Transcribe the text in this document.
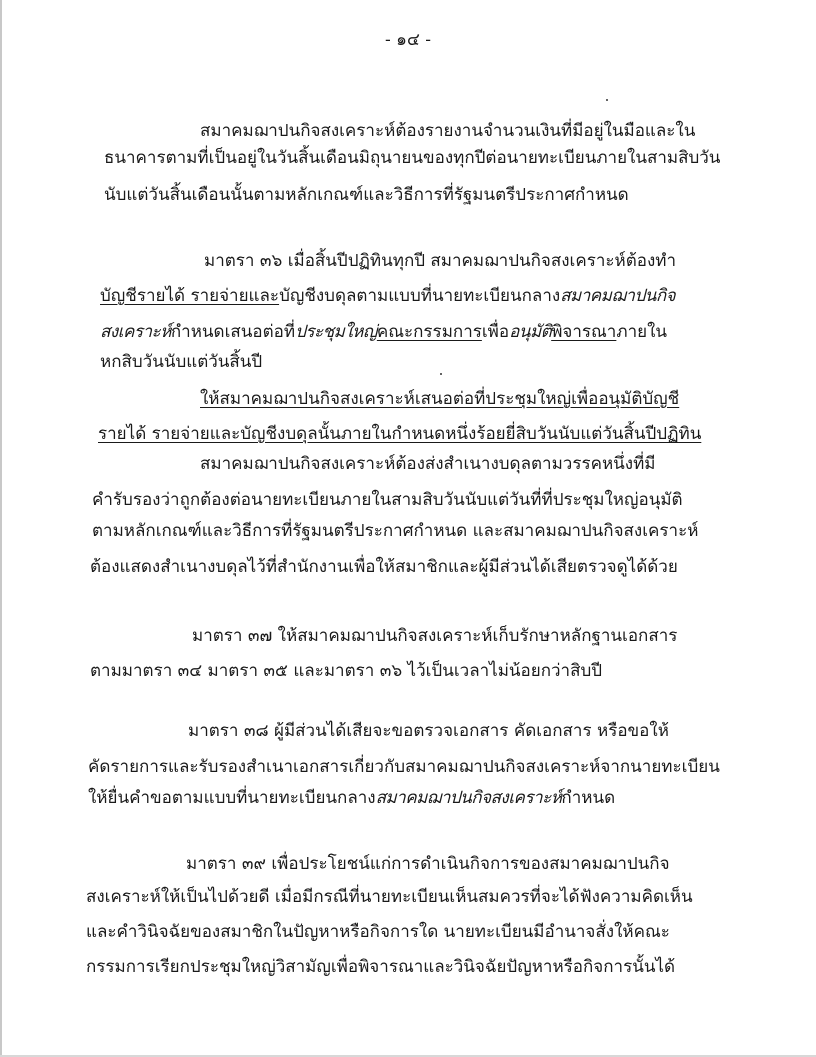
- ๑๔ -
สมาคมฌาปนกิจสงเคราะห์ต้องรายงานจำนวนเงินที่มีอยู่ในมือและใน
ธนาคารตามที่เป็นอยู่ในวันสิ้นเดือนมิถุนายนของทุกปีต่อนายทะเบียนภายในสามสิบวัน
นับแต่วันสิ้นเดือนนั้นตามหลักเกณฑ์และวิธีการที่รัฐมนตรีประกาศกำหนด
มาตรา ๓๖ เมื่อสิ้นปีปฏิทินทุกปี สมาคมฌาปนกิจสงเคราะห์ต้องทำ
บัญชีรายได้ รายจ่ายและบัญชีงบดุลตามแบบที่นายทะเบียนกลางสมาคมฌาปนกิจ
สงเคราะห์กำหนดเสนอต่อที่ประชุมใหญ่คณะกรรมการเพื่ออนุมัติพิจารณาภายใน
หกสิบวันนับแต่วันสิ้นปี
ให้สมาคมฌาปนกิจสงเคราะห์เสนอต่อที่ประชุมใหญ่เพื่ออนุมัติบัญชี
รายได้ รายจ่ายและบัญชีงบดุลนั้นภายในกำหนดหนึ่งร้อยยี่สิบวันนับแต่วันสิ้นปีปฏิทิน
สมาคมฌาปนกิจสงเคราะห์ต้องส่งสำเนางบดุลตามวรรคหนึ่งที่มี
คำรับรองว่าถูกต้องต่อนายทะเบียนภายในสามสิบวันนับแต่วันที่ที่ประชุมใหญ่อนุมัติ
ตามหลักเกณฑ์และวิธีการที่รัฐมนตรีประกาศกำหนด และสมาคมฌาปนกิจสงเคราะห์
ต้องแสดงสำเนางบดุลไว้ที่สำนักงานเพื่อให้สมาชิกและผู้มีส่วนได้เสียตรวจดูได้ด้วย
มาตรา ๓๗ ให้สมาคมฌาปนกิจสงเคราะห์เก็บรักษาหลักฐานเอกสาร
ตามมาตรา ๓๔ มาตรา ๓๕ และมาตรา ๓๖ ไว้เป็นเวลาไม่น้อยกว่าสิบปี
มาตรา ๓๘ ผู้มีส่วนได้เสียจะขอตรวจเอกสาร คัดเอกสาร หรือขอให้
คัดรายการและรับรองสำเนาเอกสารเกี่ยวกับสมาคมฌาปนกิจสงเคราะห์จากนายทะเบียน
ให้ยื่นคำขอตามแบบที่นายทะเบียนกลางสมาคมฌาปนกิจสงเคราะห์กำหนด
มาตรา ๓๙ เพื่อประโยชน์แก่การดำเนินกิจการของสมาคมฌาปนกิจ
สงเคราะห์ให้เป็นไปด้วยดี เมื่อมีกรณีที่นายทะเบียนเห็นสมควรที่จะได้ฟังความคิดเห็น
และคำวินิจฉัยของสมาชิกในปัญหาหรือกิจการใด นายทะเบียนมีอำนาจสั่งให้คณะ
กรรมการเรียกประชุมใหญ่วิสามัญเพื่อพิจารณาและวินิจฉัยปัญหาหรือกิจการนั้นได้
